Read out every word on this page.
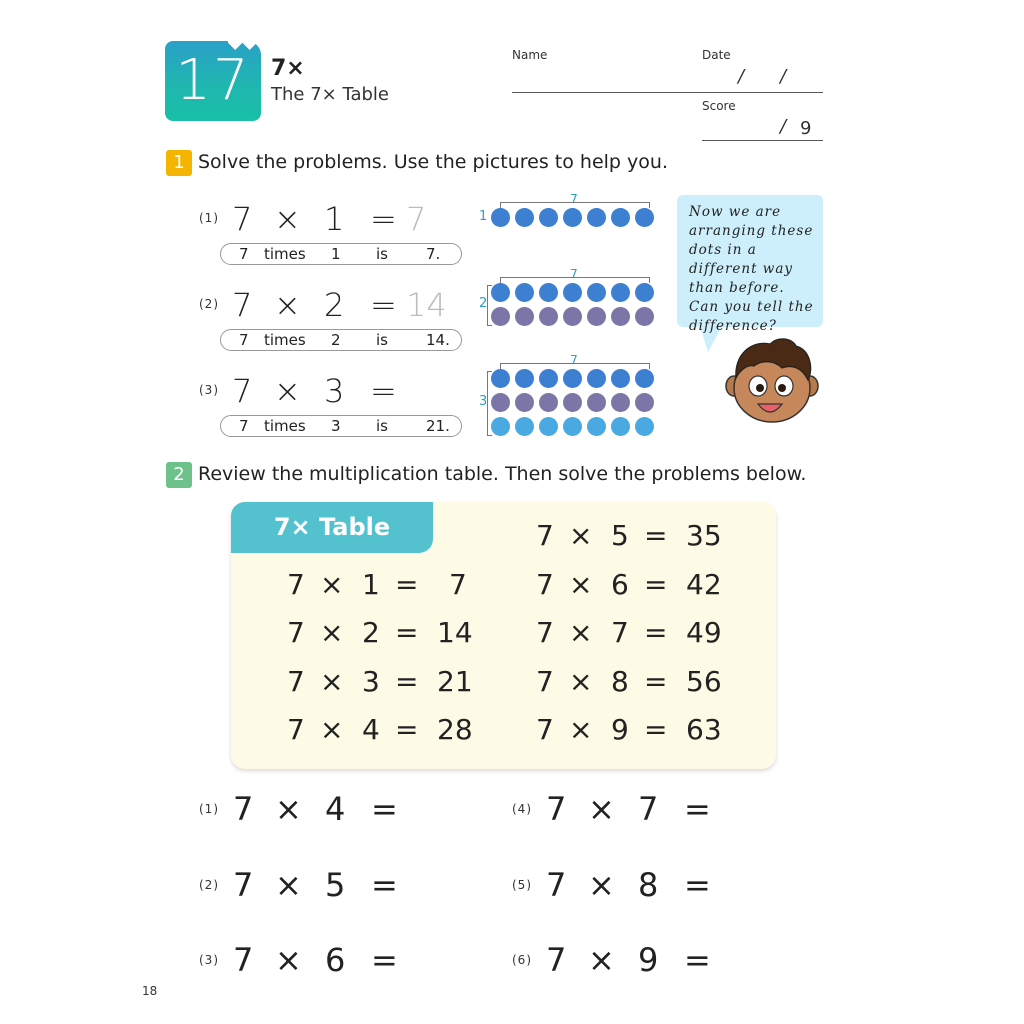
17 7×
The 7× Table
Name	Date
/ /
Score
/ 9
1 Solve the problems. Use the pictures to help you.
(1) 7 × 1 = 7
7 times 1 is	7.
(2) 7 × 2 = 14
7 times 2 is	14.
(3) 7 × 3 =
7 times 3 is	21.
7
1
7
2
7
3
Now we are arranging these dots in a different way than before. Can you tell the difference?
2 Review the multiplication table. Then solve the problems below.
7× Table
7 × 1 = 7
7 × 2 = 14
7 × 3 = 21
7 × 4 = 28
7 × 5 = 35
7 × 6 = 42
7 × 7 = 49
7 × 8 = 56
7 × 9 = 63
(1) 7 × 4 =
(2) 7 × 5 =
(3) 7 × 6 =
(4) 7 × 7 =
(5) 7 × 8 =
(6) 7 × 9 =
18
